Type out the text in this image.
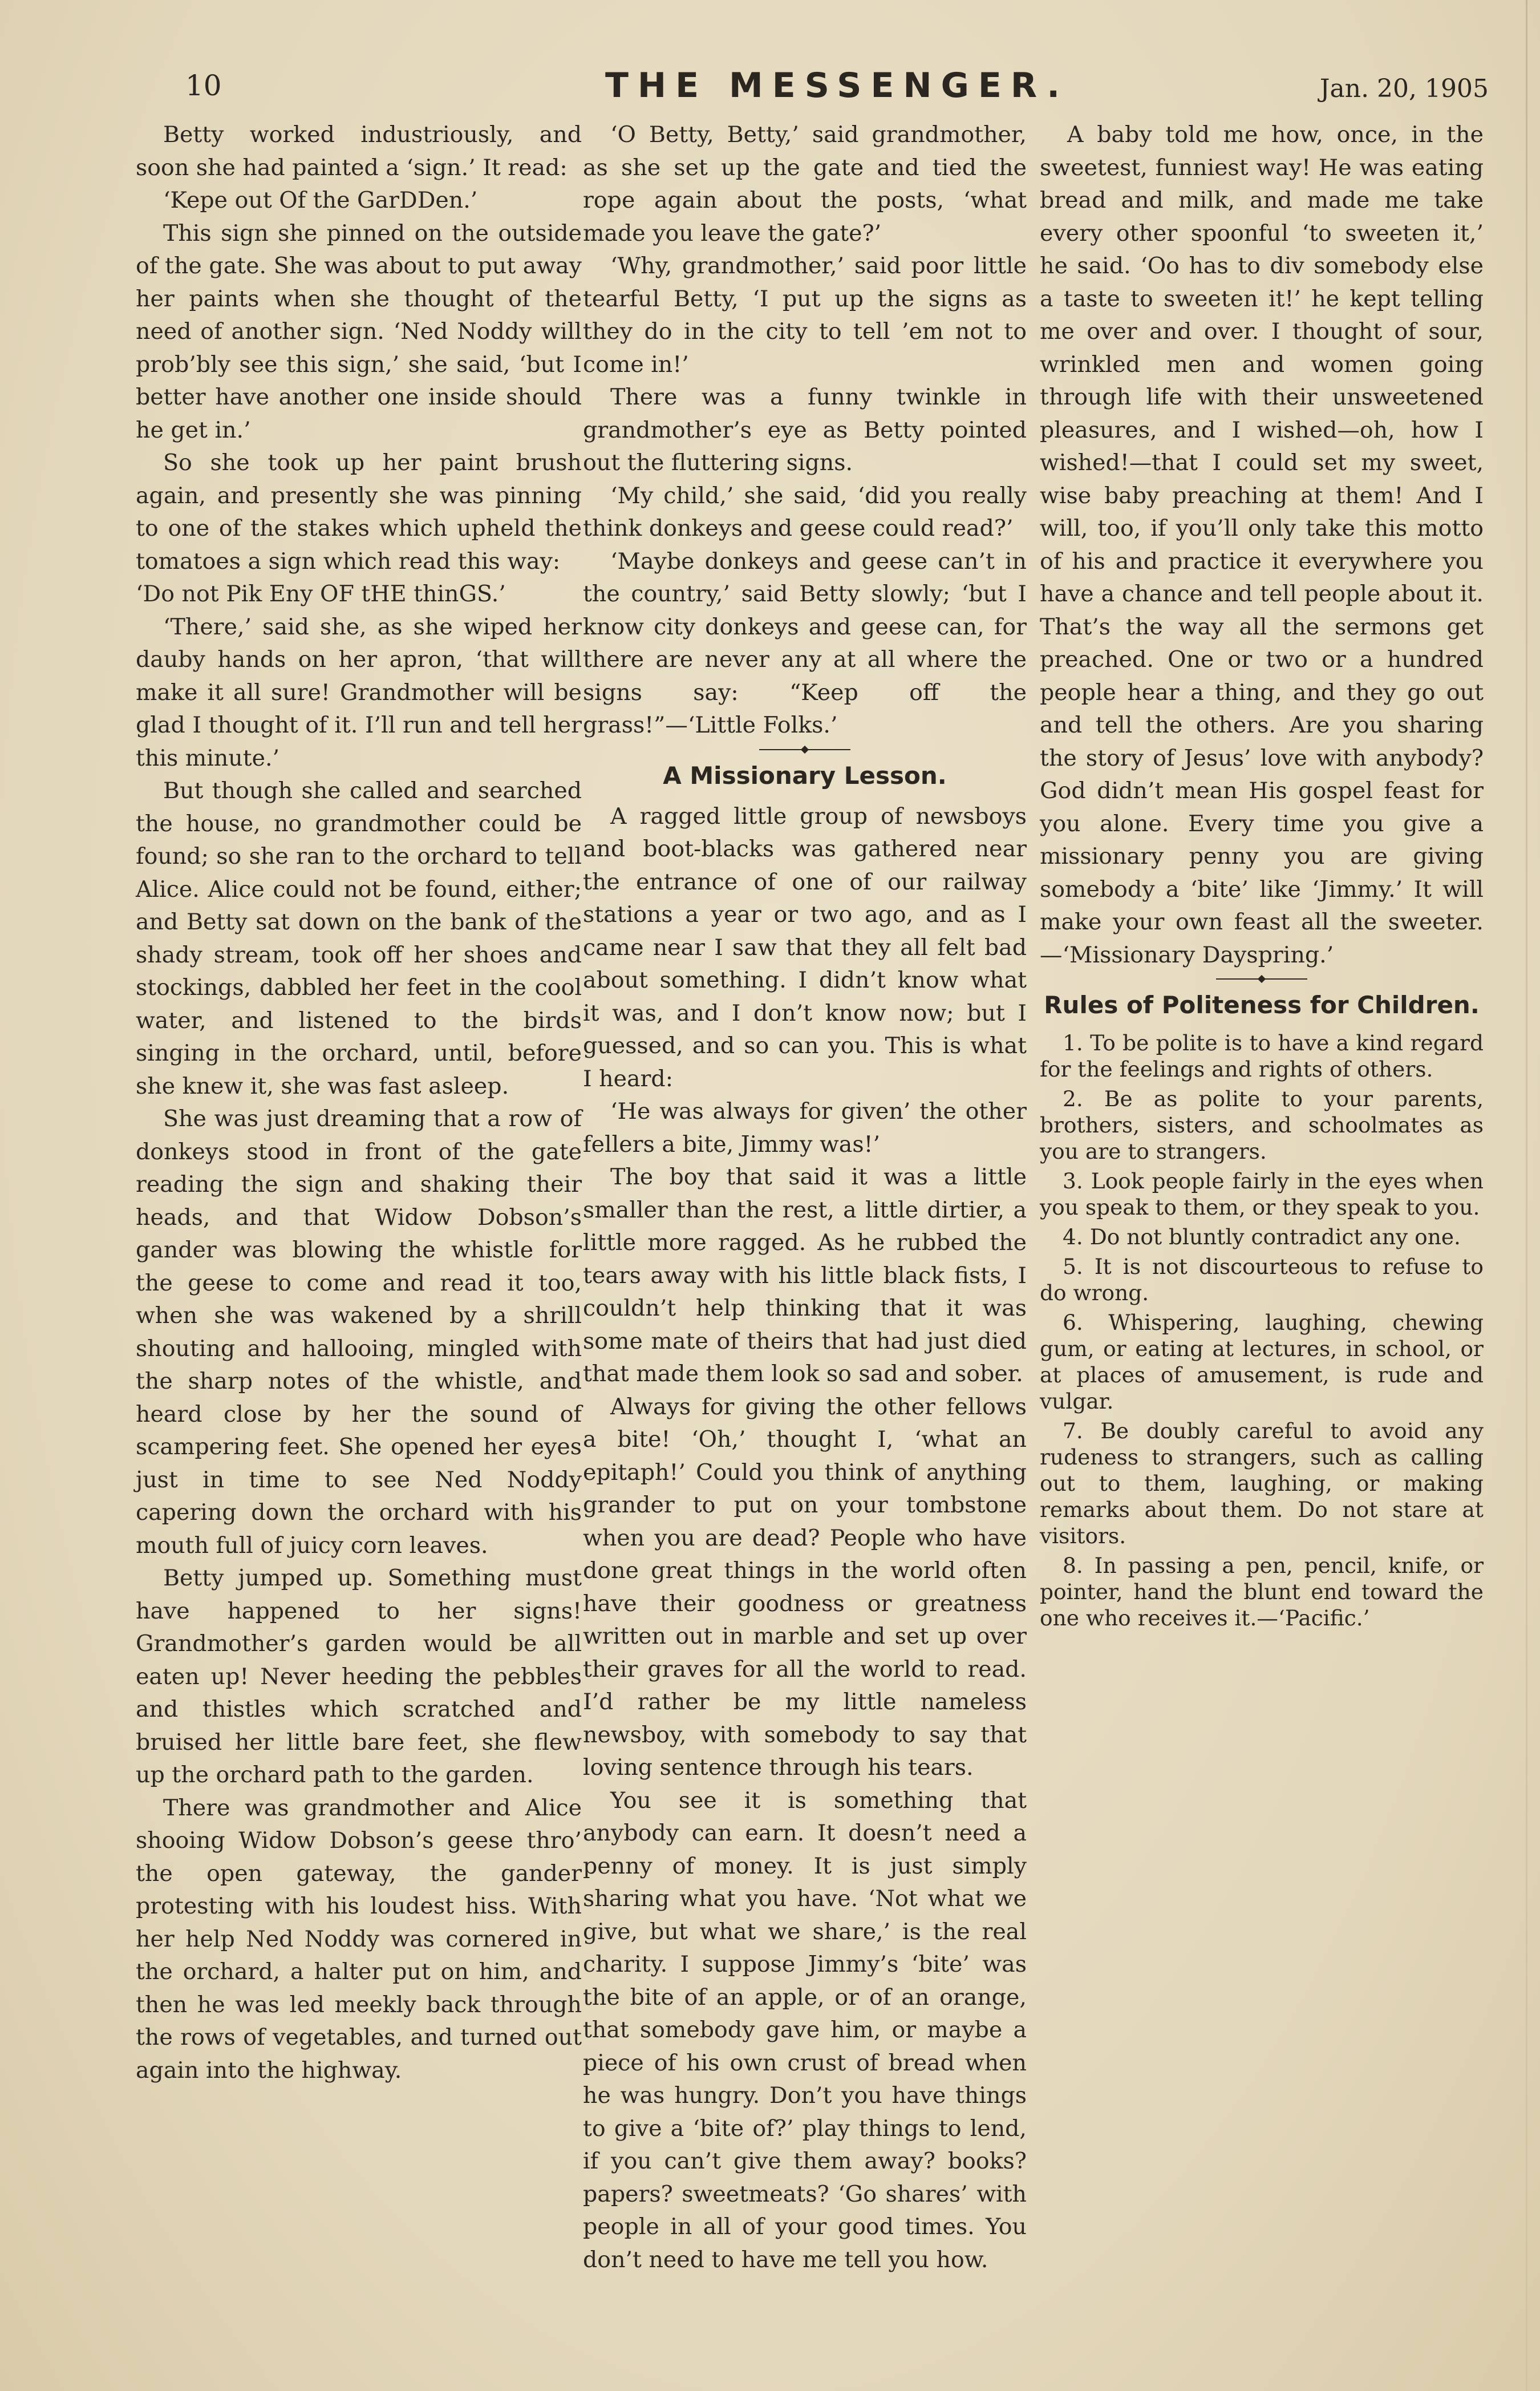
10	THE MESSENGER.	Jan. 20, 1905

Betty worked industriously, and soon she had painted a ‘sign.’ It read:

‘Kepe out Of the GarDDen.’

This sign she pinned on the outside of the gate. She was about to put away her paints when she thought of the need of another sign. ‘Ned Noddy will prob’bly see this sign,’ she said, ‘but I better have another one inside should he get in.’

So she took up her paint brush again, and presently she was pinning to one of the stakes which upheld the tomatoes a sign which read this way:

‘Do not Pik Eny OF tHE thinGS.’

‘There,’ said she, as she wiped her dauby hands on her apron, ‘that will make it all sure! Grandmother will be glad I thought of it. I’ll run and tell her this minute.’

But though she called and searched the house, no grandmother could be found; so she ran to the orchard to tell Alice. Alice could not be found, either; and Betty sat down on the bank of the shady stream, took off her shoes and stockings, dabbled her feet in the cool water, and listened to the birds singing in the orchard, until, before she knew it, she was fast asleep.

She was just dreaming that a row of donkeys stood in front of the gate reading the sign and shaking their heads, and that Widow Dobson’s gander was blowing the whistle for the geese to come and read it too, when she was wakened by a shrill shouting and hallooing, mingled with the sharp notes of the whistle, and heard close by her the sound of scampering feet. She opened her eyes just in time to see Ned Noddy capering down the orchard with his mouth full of juicy corn leaves.

Betty jumped up. Something must have happened to her signs! Grandmother’s garden would be all eaten up! Never heeding the pebbles and thistles which scratched and bruised her little bare feet, she flew up the orchard path to the garden.

There was grandmother and Alice shooing Widow Dobson’s geese thro’ the open gateway, the gander protesting with his loudest hiss. With her help Ned Noddy was cornered in the orchard, a halter put on him, and then he was led meekly back through the rows of vegetables, and turned out again into the highway.

‘O Betty, Betty,’ said grandmother, as she set up the gate and tied the rope again about the posts, ‘what made you leave the gate?’

‘Why, grandmother,’ said poor little tearful Betty, ‘I put up the signs as they do in the city to tell ’em not to come in!’

There was a funny twinkle in grandmother’s eye as Betty pointed out the fluttering signs.

‘My child,’ she said, ‘did you really think donkeys and geese could read?’

‘Maybe donkeys and geese can’t in the country,’ said Betty slowly; ‘but I know city donkeys and geese can, for there are never any at all where the signs say: “Keep off the grass!”—‘Little Folks.’

A Missionary Lesson.

A ragged little group of newsboys and boot-blacks was gathered near the entrance of one of our railway stations a year or two ago, and as I came near I saw that they all felt bad about something. I didn’t know what it was, and I don’t know now; but I guessed, and so can you. This is what I heard:

‘He was always for given’ the other fellers a bite, Jimmy was!’

The boy that said it was a little smaller than the rest, a little dirtier, a little more ragged. As he rubbed the tears away with his little black fists, I couldn’t help thinking that it was some mate of theirs that had just died that made them look so sad and sober.

Always for giving the other fellows a bite! ‘Oh,’ thought I, ‘what an epitaph!’ Could you think of anything grander to put on your tombstone when you are dead? People who have done great things in the world often have their goodness or greatness written out in marble and set up over their graves for all the world to read. I’d rather be my little nameless newsboy, with somebody to say that loving sentence through his tears.

You see it is something that anybody can earn. It doesn’t need a penny of money. It is just simply sharing what you have. ‘Not what we give, but what we share,’ is the real charity. I suppose Jimmy’s ‘bite’ was the bite of an apple, or of an orange, that somebody gave him, or maybe a piece of his own crust of bread when he was hungry. Don’t you have things to give a ‘bite of?’ play things to lend, if you can’t give them away? books? papers? sweetmeats? ‘Go shares’ with people in all of your good times. You don’t need to have me tell you how.

A baby told me how, once, in the sweetest, funniest way! He was eating bread and milk, and made me take every other spoonful ‘to sweeten it,’ he said. ‘Oo has to div somebody else a taste to sweeten it!’ he kept telling me over and over. I thought of sour, wrinkled men and women going through life with their unsweetened pleasures, and I wished—oh, how I wished!—that I could set my sweet, wise baby preaching at them! And I will, too, if you’ll only take this motto of his and practice it everywhere you have a chance and tell people about it. That’s the way all the sermons get preached. One or two or a hundred people hear a thing, and they go out and tell the others. Are you sharing the story of Jesus’ love with anybody? God didn’t mean His gospel feast for you alone. Every time you give a missionary penny you are giving somebody a ‘bite’ like ‘Jimmy.’ It will make your own feast all the sweeter.—‘Missionary Dayspring.’

Rules of Politeness for Children.

1. To be polite is to have a kind regard for the feelings and rights of others.

2. Be as polite to your parents, brothers, sisters, and schoolmates as you are to strangers.

3. Look people fairly in the eyes when you speak to them, or they speak to you.

4. Do not bluntly contradict any one.

5. It is not discourteous to refuse to do wrong.

6. Whispering, laughing, chewing gum, or eating at lectures, in school, or at places of amusement, is rude and vulgar.

7. Be doubly careful to avoid any rudeness to strangers, such as calling out to them, laughing, or making remarks about them. Do not stare at visitors.

8. In passing a pen, pencil, knife, or pointer, hand the blunt end toward the one who receives it.—‘Pacific.’
